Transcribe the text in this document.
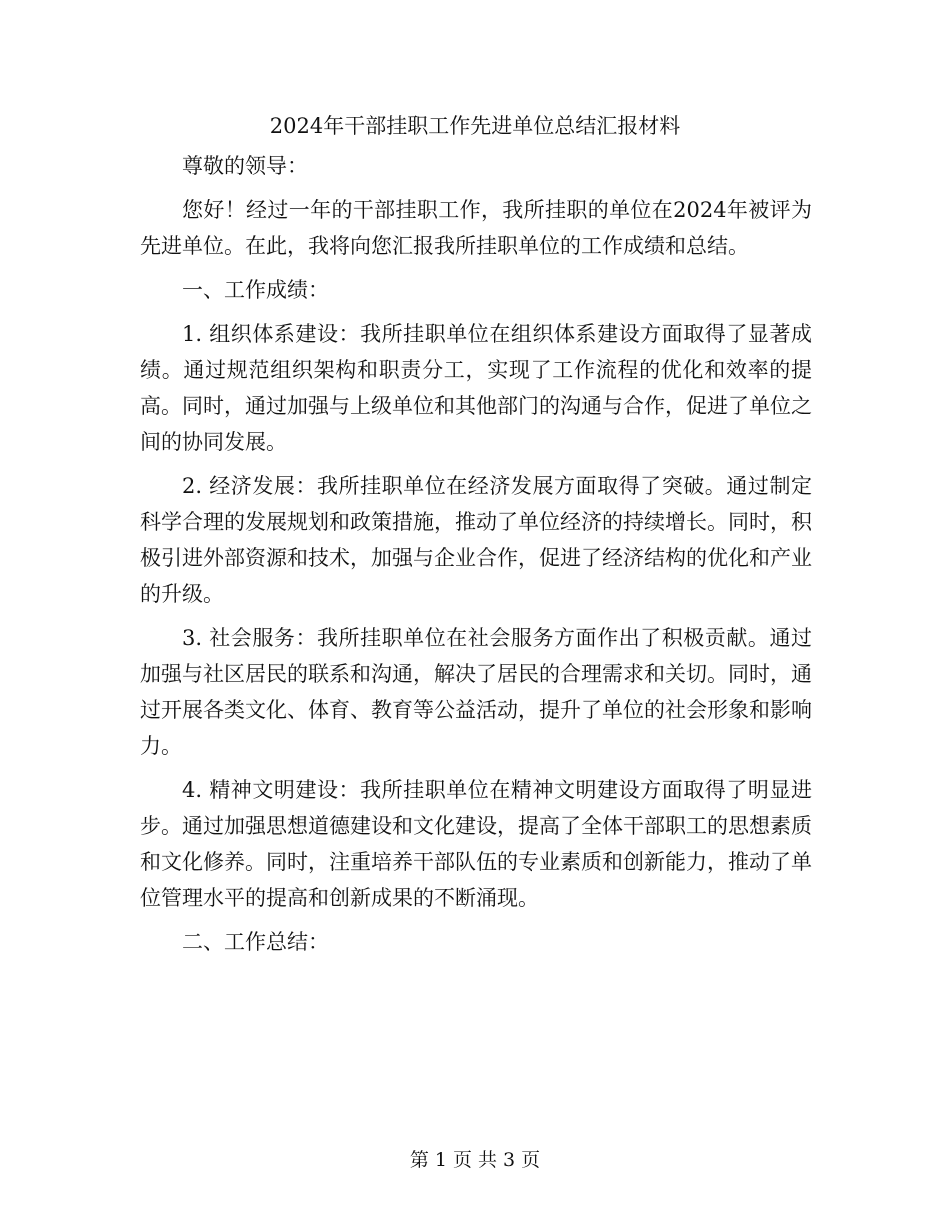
2024年干部挂职工作先进单位总结汇报材料

尊敬的领导：

您好！经过一年的干部挂职工作，我所挂职的单位在2024年被评为先进单位。在此，我将向您汇报我所挂职单位的工作成绩和总结。

一、工作成绩：

1. 组织体系建设：我所挂职单位在组织体系建设方面取得了显著成绩。通过规范组织架构和职责分工，实现了工作流程的优化和效率的提高。同时，通过加强与上级单位和其他部门的沟通与合作，促进了单位之间的协同发展。

2. 经济发展：我所挂职单位在经济发展方面取得了突破。通过制定科学合理的发展规划和政策措施，推动了单位经济的持续增长。同时，积极引进外部资源和技术，加强与企业合作，促进了经济结构的优化和产业的升级。

3. 社会服务：我所挂职单位在社会服务方面作出了积极贡献。通过加强与社区居民的联系和沟通，解决了居民的合理需求和关切。同时，通过开展各类文化、体育、教育等公益活动，提升了单位的社会形象和影响力。

4. 精神文明建设：我所挂职单位在精神文明建设方面取得了明显进步。通过加强思想道德建设和文化建设，提高了全体干部职工的思想素质和文化修养。同时，注重培养干部队伍的专业素质和创新能力，推动了单位管理水平的提高和创新成果的不断涌现。

二、工作总结：

第 1 页 共 3 页
